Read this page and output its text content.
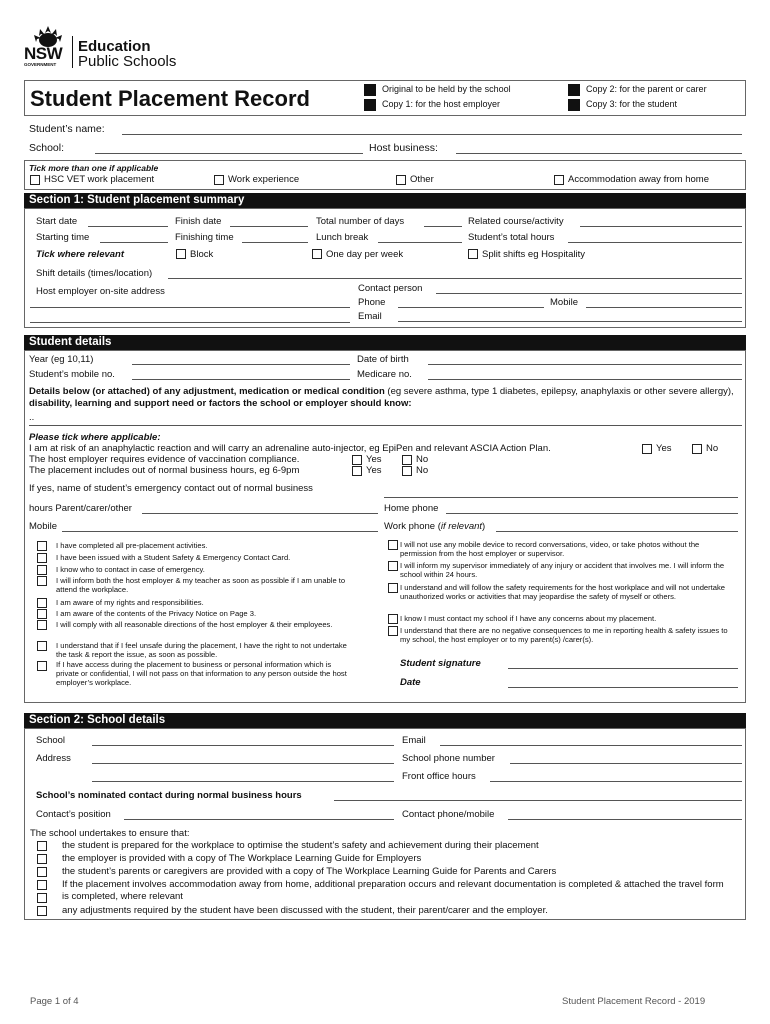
NSW
GOVERNMENT
Education
Public Schools
Student Placement Record	Original to be held by the school
Copy 1: for the host employer
Copy 2: for the parent or carer
Copy 3: for the student
Student’s name:
School:	Host business:
Tick more than one if applicable
HSC VET work placement	Work experience	Other	Accommodation away from home
Section 1: Student placement summary
Start date	Finish date	Total number of days	Related course/activity
Starting time	Finishing time	Lunch break	Student’s total hours
Tick where relevant	Block	One day per week	Split shifts eg Hospitality
Shift details (times/location)
Host employer on-site address	Contact person
Phone	Mobile
Email
Student details
Year (eg 10,11)	Date of birth
Student’s mobile no.	Medicare no.
Details below (or attached) of any adjustment, medication or medical condition (eg severe asthma, type 1 diabetes, epilepsy, anaphylaxis or other severe allergy), disability, learning and support need or factors the school or employer should know:
..
Please tick where applicable:
I am at risk of an anaphylactic reaction and will carry an adrenaline auto-injector, eg EpiPen and relevant ASCIA Action Plan.	Yes	No
The host employer requires evidence of vaccination compliance.	Yes	No
The placement includes out of normal business hours, eg 6-9pm	Yes	No
If yes, name of student’s emergency contact out of normal business
hours Parent/carer/other	Home phone
Mobile	Work phone (if relevant)
I have completed all pre-placement activities.
I have been issued with a Student Safety & Emergency Contact Card.
I know who to contact in case of emergency.
I will inform both the host employer & my teacher as soon as possible if I am unable to attend the workplace.
I am aware of my rights and responsibilities.
I am aware of the contents of the Privacy Notice on Page 3.
I will comply with all reasonable directions of the host employer & their employees.
I understand that if I feel unsafe during the placement, I have the right to not undertake the task & report the issue, as soon as possible.
If I have access during the placement to business or personal information which is private or confidential, I will not pass on that information to any person outside the host employer’s workplace.
I will not use any mobile device to record conversations, video, or take photos without the permission from the host employer or supervisor.
I will inform my supervisor immediately of any injury or accident that involves me. I will inform the school within 24 hours.
I understand and will follow the safety requirements for the host workplace and will not undertake unauthorized works or activities that may jeopardise the safety of myself or others.
I know I must contact my school if I have any concerns about my placement.
I understand that there are no negative consequences to me in reporting health & safety issues to my school, the host employer or to my parent(s) /carer(s).
Student signature
Date
Section 2: School details
School	Email
Address	School phone number
Front office hours
School’s nominated contact during normal business hours
Contact’s position	Contact phone/mobile
The school undertakes to ensure that:
the student is prepared for the workplace to optimise the student’s safety and achievement during their placement
the employer is provided with a copy of The Workplace Learning Guide for Employers
the student’s parents or caregivers are provided with a copy of The Workplace Learning Guide for Parents and Carers
If the placement involves accommodation away from home, additional preparation occurs and relevant documentation is completed & attached the travel form is completed, where relevant
any adjustments required by the student have been discussed with the student, their parent/carer and the employer.
Page 1 of 4	Student Placement Record - 2019
